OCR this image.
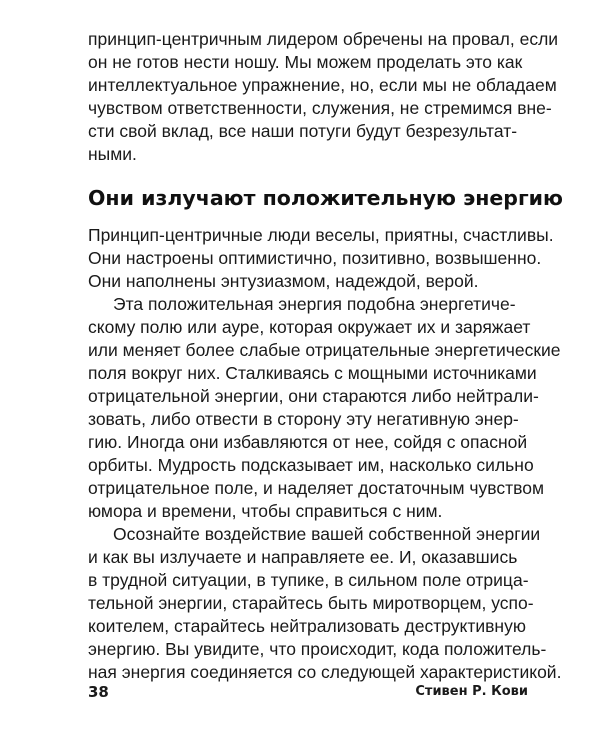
принцип-центричным лидером обречены на провал, если
он не готов нести ношу. Мы можем проделать это как
интеллектуальное упражнение, но, если мы не обладаем
чувством ответственности, служения, не стремимся вне-
сти свой вклад, все наши потуги будут безрезультат-
ными.
Они излучают положительную энергию
Принцип-центричные люди веселы, приятны, счастливы.
Они настроены оптимистично, позитивно, возвышенно.
Они наполнены энтузиазмом, надеждой, верой.
Эта положительная энергия подобна энергетиче-
скому полю или ауре, которая окружает их и заряжает
или меняет более слабые отрицательные энергетические
поля вокруг них. Сталкиваясь с мощными источниками
отрицательной энергии, они стараются либо нейтрали-
зовать, либо отвести в сторону эту негативную энер-
гию. Иногда они избавляются от нее, сойдя с опасной
орбиты. Мудрость подсказывает им, насколько сильно
отрицательное поле, и наделяет достаточным чувством
юмора и времени, чтобы справиться с ним.
Осознайте воздействие вашей собственной энергии
и как вы излучаете и направляете ее. И, оказавшись
в трудной ситуации, в тупике, в сильном поле отрица-
тельной энергии, старайтесь быть миротворцем, успо-
коителем, старайтесь нейтрализовать деструктивную
энергию. Вы увидите, что происходит, кода положитель-
ная энергия соединяется со следующей характеристикой.
38	Стивен Р. Кови
